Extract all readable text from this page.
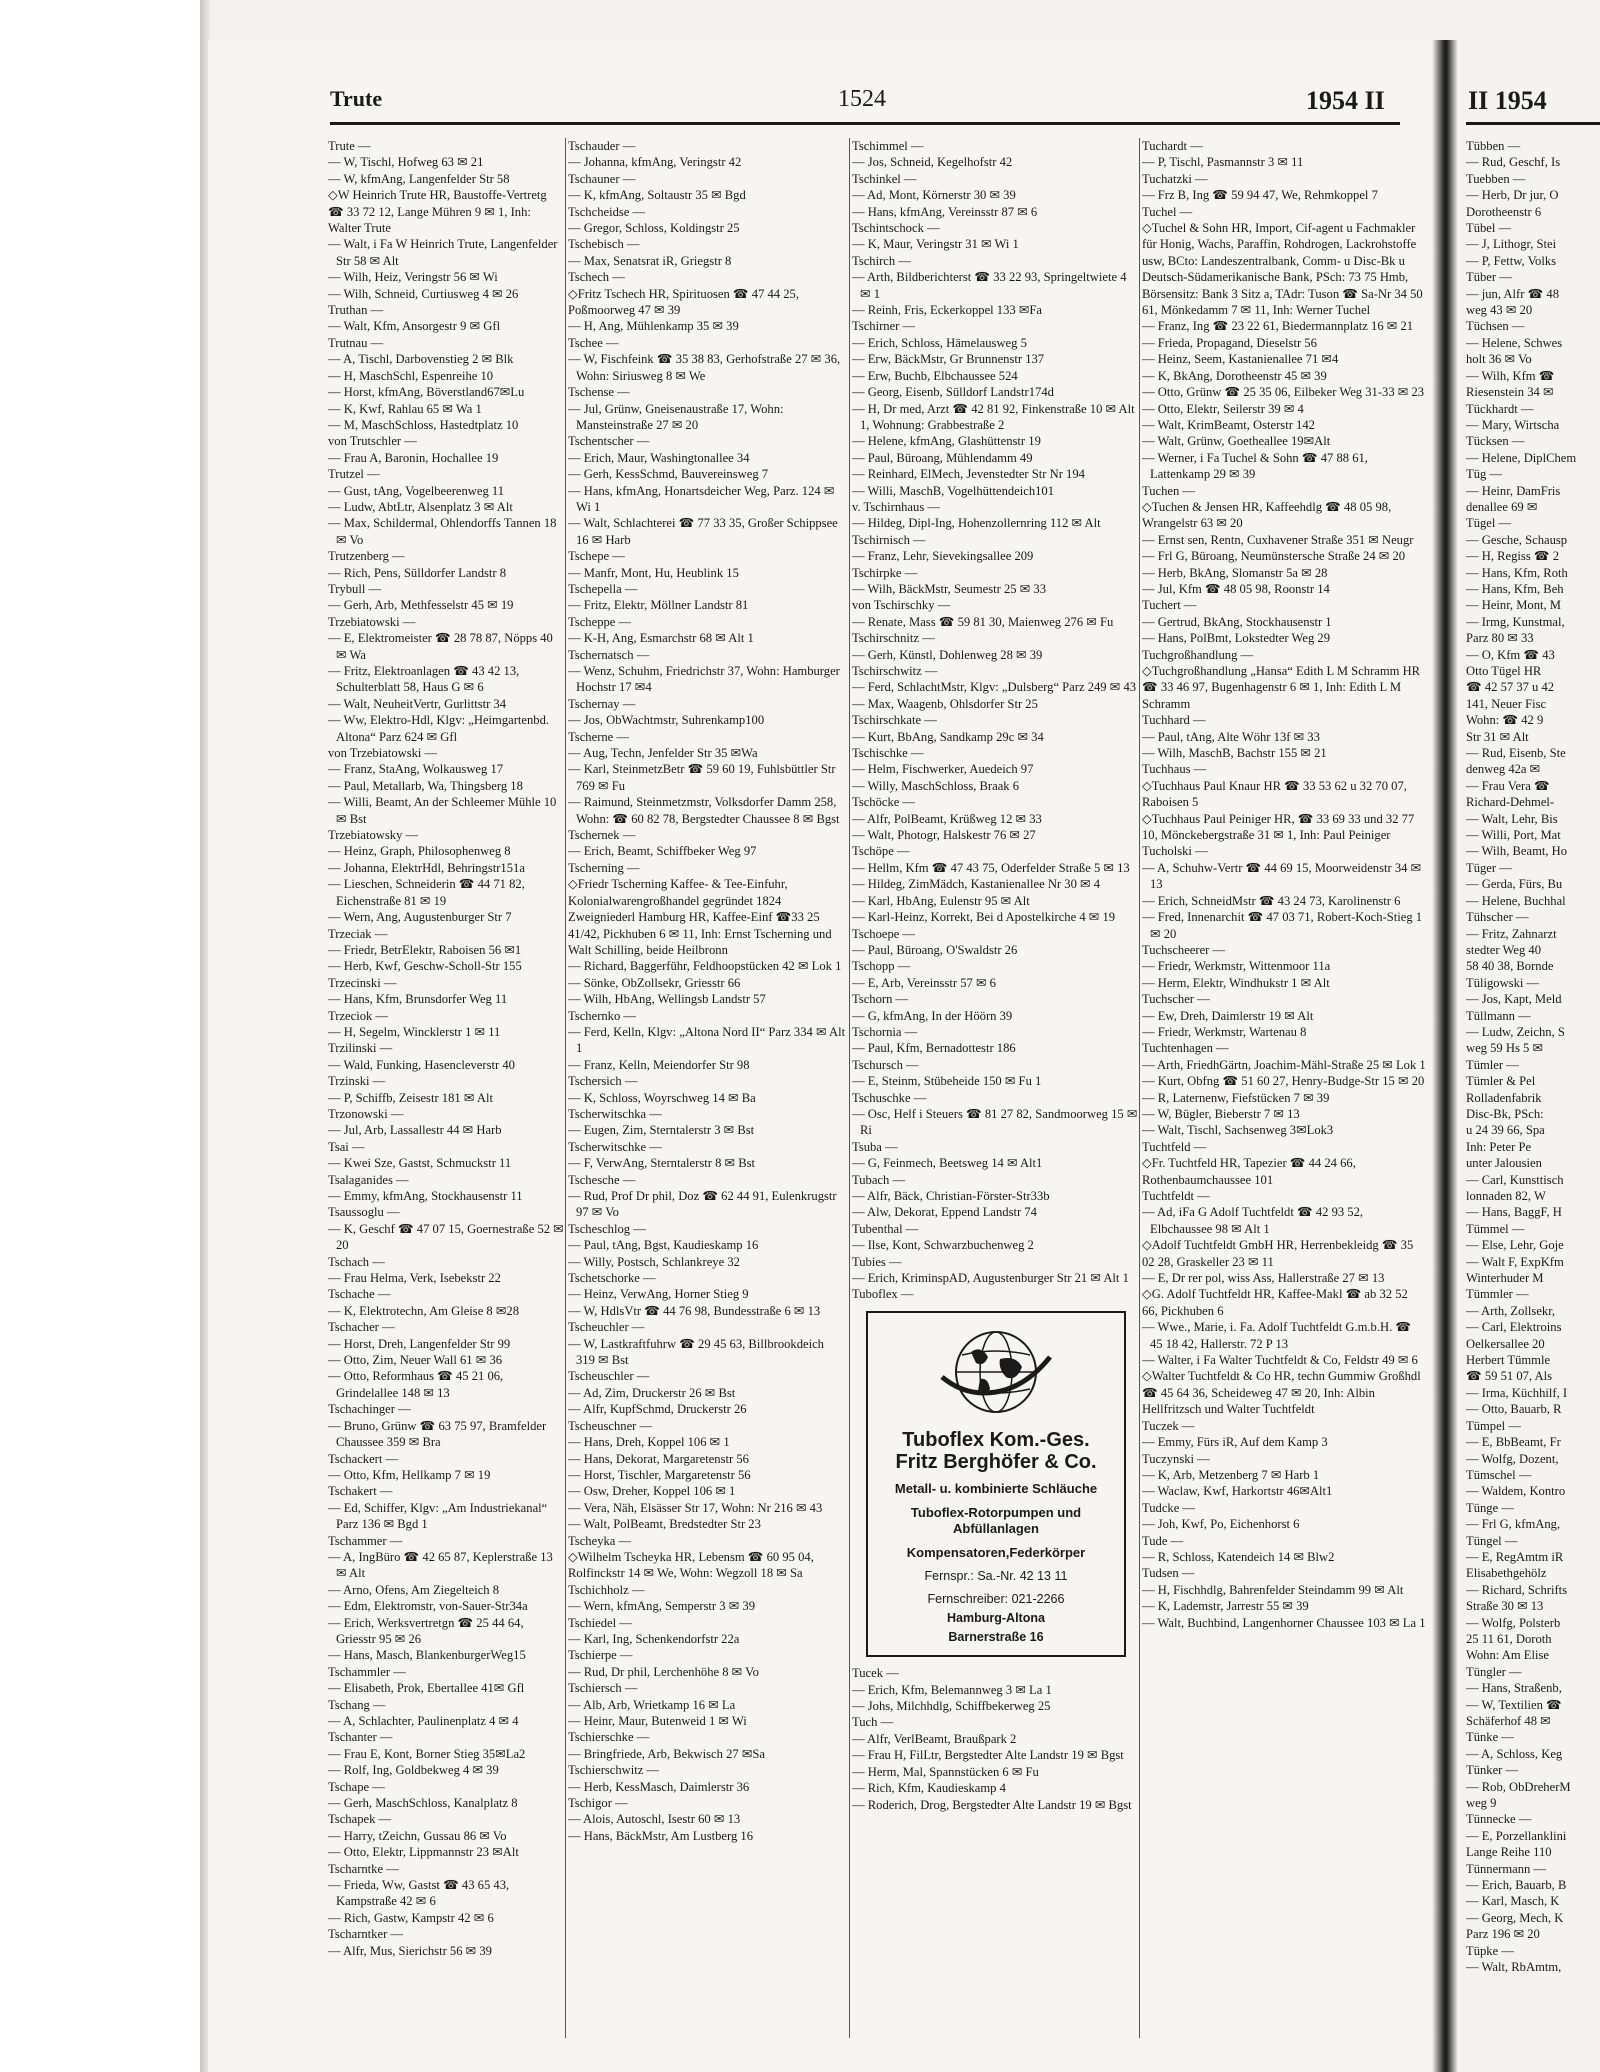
Trute	1524	1954 II	II 1954

Trute —

— W, Tischl, Hofweg 63 ✉ 21

— W, kfmAng, Langenfelder Str 58

◇ W Heinrich Trute HR, Baustoffe-Vertretg ☎ 33 72 12, Lange Mühren 9 ✉ 1, Inh: Walter Trute

— Walt, i Fa W Heinrich Trute, Langenfelder Str 58 ✉ Alt

— Wilh, Heiz, Veringstr 56 ✉ Wi

— Wilh, Schneid, Curtiusweg 4 ✉ 26

Truthan —

— Walt, Kfm, Ansorgestr 9 ✉ Gfl

Trutnau —

— A, Tischl, Darbovenstieg 2 ✉ Blk

— H, MaschSchl, Espenreihe 10

— Horst, kfmAng, Böverstland67✉Lu

— K, Kwf, Rahlau 65 ✉ Wa 1

— M, MaschSchloss, Hastedtplatz 10

von Trutschler —

— Frau A, Baronin, Hochallee 19

Trutzel —

— Gust, tAng, Vogelbeerenweg 11

— Ludw, AbtLtr, Alsenplatz 3 ✉ Alt

— Max, Schildermal, Ohlendorffs Tannen 18 ✉ Vo

Trutzenberg —

— Rich, Pens, Sülldorfer Landstr 8

Trybull —

— Gerh, Arb, Methfesselstr 45 ✉ 19

Trzebiatowski —

— E, Elektromeister ☎ 28 78 87, Nöpps 40 ✉ Wa

— Fritz, Elektroanlagen ☎ 43 42 13, Schulterblatt 58, Haus G ✉ 6

— Walt, NeuheitVertr, Gurlittstr 34

— Ww, Elektro-Hdl, Klgv: „Heimgartenbd. Altona“ Parz 624 ✉ Gfl

von Trzebiatowski —

— Franz, StaAng, Wolkausweg 17

— Paul, Metallarb, Wa, Thingsberg 18

— Willi, Beamt, An der Schleemer Mühle 10 ✉ Bst

Trzebiatowsky —

— Heinz, Graph, Philosophenweg 8

— Johanna, ElektrHdl, Behringstr151a

— Lieschen, Schneiderin ☎ 44 71 82, Eichenstraße 81 ✉ 19

— Wern, Ang, Augustenburger Str 7

Trzeciak —

— Friedr, BetrElektr, Raboisen 56 ✉1

— Herb, Kwf, Geschw-Scholl-Str 155

Trzecinski —

— Hans, Kfm, Brunsdorfer Weg 11

Trzeciok —

— H, Segelm, Wincklerstr 1 ✉ 11

Trzilinski —

— Wald, Funking, Hasencleverstr 40

Trzinski —

— P, Schiffb, Zeisestr 181 ✉ Alt

Trzonowski —

— Jul, Arb, Lassallestr 44 ✉ Harb

Tsai —

— Kwei Sze, Gastst, Schmuckstr 11

Tsalaganides —

— Emmy, kfmAng, Stockhausenstr 11

Tsaussoglu —

— K, Geschf ☎ 47 07 15, Goernestraße 52 ✉ 20

Tschach —

— Frau Helma, Verk, Isebekstr 22

Tschache —

— K, Elektrotechn, Am Gleise 8 ✉28

Tschacher —

— Horst, Dreh, Langenfelder Str 99

— Otto, Zim, Neuer Wall 61 ✉ 36

— Otto, Reformhaus ☎ 45 21 06, Grindelallee 148 ✉ 13

Tschachinger —

— Bruno, Grünw ☎ 63 75 97, Bramfelder Chaussee 359 ✉ Bra

Tschackert —

— Otto, Kfm, Hellkamp 7 ✉ 19

Tschakert —

— Ed, Schiffer, Klgv: „Am Industriekanal“ Parz 136 ✉ Bgd 1

Tschammer —

— A, IngBüro ☎ 42 65 87, Keplerstraße 13 ✉ Alt

— Arno, Ofens, Am Ziegelteich 8

— Edm, Elektromstr, von-Sauer-Str34a

— Erich, Werksvertretgn ☎ 25 44 64, Griesstr 95 ✉ 26

— Hans, Masch, BlankenburgerWeg15

Tschammler —

— Elisabeth, Prok, Ebertallee 41✉ Gfl

Tschang —

— A, Schlachter, Paulinenplatz 4 ✉ 4

Tschanter —

— Frau E, Kont, Borner Stieg 35✉La2

— Rolf, Ing, Goldbekweg 4 ✉ 39

Tschape —

— Gerh, MaschSchloss, Kanalplatz 8

Tschapek —

— Harry, tZeichn, Gussau 86 ✉ Vo

— Otto, Elektr, Lippmannstr 23 ✉Alt

Tscharntke —

— Frieda, Ww, Gastst ☎ 43 65 43, Kampstraße 42 ✉ 6

— Rich, Gastw, Kampstr 42 ✉ 6

Tscharntker —

— Alfr, Mus, Sierichstr 56 ✉ 39

Tschauder —

— Johanna, kfmAng, Veringstr 42

Tschauner —

— K, kfmAng, Soltaustr 35 ✉ Bgd

Tschcheidse —

— Gregor, Schloss, Koldingstr 25

Tschebisch —

— Max, Senatsrat iR, Griegstr 8

Tschech —

◇ Fritz Tschech HR, Spirituosen ☎ 47 44 25, Poßmoorweg 47 ✉ 39

— H, Ang, Mühlenkamp 35 ✉ 39

Tschee —

— W, Fischfeink ☎ 35 38 83, Gerhofstraße 27 ✉ 36, Wohn: Siriusweg 8 ✉ We

Tschense —

— Jul, Grünw, Gneisenaustraße 17, Wohn: Mansteinstraße 27 ✉ 20

Tschentscher —

— Erich, Maur, Washingtonallee 34

— Gerh, KessSchmd, Bauvereinsweg 7

— Hans, kfmAng, Honartsdeicher Weg, Parz. 124 ✉ Wi 1

— Walt, Schlachterei ☎ 77 33 35, Großer Schippsee 16 ✉ Harb

Tschepe —

— Manfr, Mont, Hu, Heublink 15

Tschepella —

— Fritz, Elektr, Möllner Landstr 81

Tscheppe —

— K-H, Ang, Esmarchstr 68 ✉ Alt 1

Tschernatsch —

— Wenz, Schuhm, Friedrichstr 37, Wohn: Hamburger Hochstr 17 ✉4

Tschernay —

— Jos, ObWachtmstr, Suhrenkamp100

Tscherne —

— Aug, Techn, Jenfelder Str 35 ✉Wa

— Karl, SteinmetzBetr ☎ 59 60 19, Fuhlsbüttler Str 769 ✉ Fu

— Raimund, Steinmetzmstr, Volksdorfer Damm 258, Wohn: ☎ 60 82 78, Bergstedter Chaussee 8 ✉ Bgst

Tschernek —

— Erich, Beamt, Schiffbeker Weg 97

Tscherning —

◇ Friedr Tscherning Kaffee- & Tee-Einfuhr, Kolonialwarengroßhandel gegründet 1824 Zweigniederl Hamburg HR, Kaffee-Einf ☎33 25 41/42, Pickhuben 6 ✉ 11, Inh: Ernst Tscherning und Walt Schilling, beide Heilbronn

— Richard, Baggerführ, Feldhoopstücken 42 ✉ Lok 1

— Sönke, ObZollsekr, Griesstr 66

— Wilh, HbAng, Wellingsb Landstr 57

Tschernko —

— Ferd, Kelln, Klgv: „Altona Nord II“ Parz 334 ✉ Alt 1

— Franz, Kelln, Meiendorfer Str 98

Tschersich —

— K, Schloss, Woyrschweg 14 ✉ Ba

Tscherwitschka —

— Eugen, Zim, Sterntalerstr 3 ✉ Bst

Tscherwitschke —

— F, VerwAng, Sterntalerstr 8 ✉ Bst

Tschesche —

— Rud, Prof Dr phil, Doz ☎ 62 44 91, Eulenkrugstr 97 ✉ Vo

Tscheschlog —

— Paul, tAng, Bgst, Kaudieskamp 16

— Willy, Postsch, Schlankreye 32

Tschetschorke —

— Heinz, VerwAng, Horner Stieg 9

— W, HdlsVtr ☎ 44 76 98, Bundesstraße 6 ✉ 13

Tscheuchler —

— W, Lastkraftfuhrw ☎ 29 45 63, Billbrookdeich 319 ✉ Bst

Tscheuschler —

— Ad, Zim, Druckerstr 26 ✉ Bst

— Alfr, KupfSchmd, Druckerstr 26

Tscheuschner —

— Hans, Dreh, Koppel 106 ✉ 1

— Hans, Dekorat, Margaretenstr 56

— Horst, Tischler, Margaretenstr 56

— Osw, Dreher, Koppel 106 ✉ 1

— Vera, Näh, Elsässer Str 17, Wohn: Nr 216 ✉ 43

— Walt, PolBeamt, Bredstedter Str 23

Tscheyka —

◇ Wilhelm Tscheyka HR, Lebensm ☎ 60 95 04, Rolfinckstr 14 ✉ We, Wohn: Wegzoll 18 ✉ Sa

Tschichholz —

— Wern, kfmAng, Semperstr 3 ✉ 39

Tschiedel —

— Karl, Ing, Schenkendorfstr 22a

Tschierpe —

— Rud, Dr phil, Lerchenhöhe 8 ✉ Vo

Tschiersch —

— Alb, Arb, Wrietkamp 16 ✉ La

— Heinr, Maur, Butenweid 1 ✉ Wi

Tschierschke —

— Bringfriede, Arb, Bekwisch 27 ✉Sa

Tschierschwitz —

— Herb, KessMasch, Daimlerstr 36

Tschigor —

— Alois, Autoschl, Isestr 60 ✉ 13

— Hans, BäckMstr, Am Lustberg 16

Tschimmel —

— Jos, Schneid, Kegelhofstr 42

Tschinkel —

— Ad, Mont, Körnerstr 30 ✉ 39

— Hans, kfmAng, Vereinsstr 87 ✉ 6

Tschintschock —

— K, Maur, Veringstr 31 ✉ Wi 1

Tschirch —

— Arth, Bildberichterst ☎ 33 22 93, Springeltwiete 4 ✉ 1

— Reinh, Fris, Eckerkoppel 133 ✉Fa

Tschirner —

— Erich, Schloss, Hämelausweg 5

— Erw, BäckMstr, Gr Brunnenstr 137

— Erw, Buchb, Elbchaussee 524

— Georg, Eisenb, Sülldorf Landstr174d

— H, Dr med, Arzt ☎ 42 81 92, Finkenstraße 10 ✉ Alt 1, Wohnung: Grabbestraße 2

— Helene, kfmAng, Glashüttenstr 19

— Paul, Büroang, Mühlendamm 49

— Reinhard, ElMech, Jevenstedter Str Nr 194

— Willi, MaschB, Vogelhüttendeich101

v. Tschirnhaus —

— Hildeg, Dipl-Ing, Hohenzollernring 112 ✉ Alt

Tschirnisch —

— Franz, Lehr, Sievekingsallee 209

Tschirpke —

— Wilh, BäckMstr, Seumestr 25 ✉ 33

von Tschirschky —

— Renate, Mass ☎ 59 81 30, Maienweg 276 ✉ Fu

Tschirschnitz —

— Gerh, Künstl, Dohlenweg 28 ✉ 39

Tschirschwitz —

— Ferd, SchlachtMstr, Klgv: „Dulsberg“ Parz 249 ✉ 43

— Max, Waagenb, Ohlsdorfer Str 25

Tschirschkate —

— Kurt, BbAng, Sandkamp 29c ✉ 34

Tschischke —

— Helm, Fischwerker, Auedeich 97

— Willy, MaschSchloss, Braak 6

Tschöcke —

— Alfr, PolBeamt, Krüßweg 12 ✉ 33

— Walt, Photogr, Halskestr 76 ✉ 27

Tschöpe —

— Hellm, Kfm ☎ 47 43 75, Oderfelder Straße 5 ✉ 13

— Hildeg, ZimMädch, Kastanienallee Nr 30 ✉ 4

— Karl, HbAng, Eulenstr 95 ✉ Alt

— Karl-Heinz, Korrekt, Bei d Apostelkirche 4 ✉ 19

Tschoepe —

— Paul, Büroang, O'Swaldstr 26

Tschopp —

— E, Arb, Vereinsstr 57 ✉ 6

Tschorn —

— G, kfmAng, In der Höörn 39

Tschornia —

— Paul, Kfm, Bernadottestr 186

Tschursch —

— E, Steinm, Stübeheide 150 ✉ Fu 1

Tschuschke —

— Osc, Helf i Steuers ☎ 81 27 82, Sandmoorweg 15 ✉ Ri

Tsuba —

— G, Feinmech, Beetsweg 14 ✉ Alt1

Tubach —

— Alfr, Bäck, Christian-Förster-Str33b

— Alw, Dekorat, Eppend Landstr 74

Tubenthal —

— Ilse, Kont, Schwarzbuchenweg 2

Tubies —

— Erich, KriminspAD, Augustenburger Str 21 ✉ Alt 1

Tuboflex —

Tuboflex Kom.-Ges.
Fritz Berghöfer & Co.
Metall- u. kombinierte Schläuche
Tuboflex-Rotorpumpen und Abfüllanlagen
Kompensatoren,Federkörper
Fernspr.: Sa.-Nr. 42 13 11
Fernschreiber: 021-2266
Hamburg-Altona
Barnerstraße 16

Tucek —

— Erich, Kfm, Belemannweg 3 ✉ La 1

— Johs, Milchhdlg, Schiffbekerweg 25

Tuch —

— Alfr, VerlBeamt, Braußpark 2

— Frau H, FilLtr, Bergstedter Alte Landstr 19 ✉ Bgst

— Herm, Mal, Spannstücken 6 ✉ Fu

— Rich, Kfm, Kaudieskamp 4

— Roderich, Drog, Bergstedter Alte Landstr 19 ✉ Bgst

Tuchardt —

— P, Tischl, Pasmannstr 3 ✉ 11

Tuchatzki —

— Frz B, Ing ☎ 59 94 47, We, Rehmkoppel 7

Tuchel —

◇ Tuchel & Sohn HR, Import, Cif-agent u Fachmakler für Honig, Wachs, Paraffin, Rohdrogen, Lackrohstoffe usw, BCto: Landeszentralbank, Comm- u Disc-Bk u Deutsch-Südamerikanische Bank, PSch: 73 75 Hmb, Börsensitz: Bank 3 Sitz a, TAdr: Tuson ☎ Sa-Nr 34 50 61, Mönkedamm 7 ✉ 11, Inh: Werner Tuchel

— Franz, Ing ☎ 23 22 61, Biedermannplatz 16 ✉ 21

— Frieda, Propagand, Dieselstr 56

— Heinz, Seem, Kastanienallee 71 ✉4

— K, BkAng, Dorotheenstr 45 ✉ 39

— Otto, Grünw ☎ 25 35 06, Eilbeker Weg 31-33 ✉ 23

— Otto, Elektr, Seilerstr 39 ✉ 4

— Walt, KrimBeamt, Osterstr 142

— Walt, Grünw, Goetheallee 19✉Alt

— Werner, i Fa Tuchel & Sohn ☎ 47 88 61, Lattenkamp 29 ✉ 39

Tuchen —

◇ Tuchen & Jensen HR, Kaffeehdlg ☎ 48 05 98, Wrangelstr 63 ✉ 20

— Ernst sen, Rentn, Cuxhavener Straße 351 ✉ Neugr

— Frl G, Büroang, Neumünstersche Straße 24 ✉ 20

— Herb, BkAng, Slomanstr 5a ✉ 28

— Jul, Kfm ☎ 48 05 98, Roonstr 14

Tuchert —

— Gertrud, BkAng, Stockhausenstr 1

— Hans, PolBmt, Lokstedter Weg 29

Tuchgroßhandlung —

◇ Tuchgroßhandlung „Hansa“ Edith L M Schramm HR ☎ 33 46 97, Bugenhagenstr 6 ✉ 1, Inh: Edith L M Schramm

Tuchhard —

— Paul, tAng, Alte Wöhr 13f ✉ 33

— Wilh, MaschB, Bachstr 155 ✉ 21

Tuchhaus —

◇ Tuchhaus Paul Knaur HR ☎ 33 53 62 u 32 70 07, Raboisen 5

◇ Tuchhaus Paul Peiniger HR, ☎ 33 69 33 und 32 77 10, Mönckebergstraße 31 ✉ 1, Inh: Paul Peiniger

Tucholski —

— A, Schuhw-Vertr ☎ 44 69 15, Moorweidenstr 34 ✉ 13

— Erich, SchneidMstr ☎ 43 24 73, Karolinenstr 6

— Fred, Innenarchit ☎ 47 03 71, Robert-Koch-Stieg 1 ✉ 20

Tuchscheerer —

— Friedr, Werkmstr, Wittenmoor 11a

— Herm, Elektr, Windhukstr 1 ✉ Alt

Tuchscher —

— Ew, Dreh, Daimlerstr 19 ✉ Alt

— Friedr, Werkmstr, Wartenau 8

Tuchtenhagen —

— Arth, FriedhGärtn, Joachim-Mähl-Straße 25 ✉ Lok 1

— Kurt, Obfng ☎ 51 60 27, Henry-Budge-Str 15 ✉ 20

— R, Laternenw, Fiefstücken 7 ✉ 39

— W, Bügler, Bieberstr 7 ✉ 13

— Walt, Tischl, Sachsenweg 3✉Lok3

Tuchtfeld —

◇ Fr. Tuchtfeld HR, Tapezier ☎ 44 24 66, Rothenbaumchaussee 101

Tuchtfeldt —

— Ad, iFa G Adolf Tuchtfeldt ☎ 42 93 52, Elbchaussee 98 ✉ Alt 1

◇ Adolf Tuchtfeldt GmbH HR, Herrenbekleidg ☎ 35 02 28, Graskeller 23 ✉ 11

— E, Dr rer pol, wiss Ass, Hallerstraße 27 ✉ 13

◇ G. Adolf Tuchtfeldt HR, Kaffee-Makl ☎ ab 32 52 66, Pickhuben 6

— Wwe., Marie, i. Fa. Adolf Tuchtfeldt G.m.b.H. ☎ 45 18 42, Hallerstr. 72 P 13

— Walter, i Fa Walter Tuchtfeldt & Co, Feldstr 49 ✉ 6

◇ Walter Tuchtfeldt & Co HR, techn Gummiw Großhdl ☎ 45 64 36, Scheideweg 47 ✉ 20, Inh: Albin Hellfritzsch und Walter Tuchtfeldt

Tuczek —

— Emmy, Fürs iR, Auf dem Kamp 3

Tuczynski —

— K, Arb, Metzenberg 7 ✉ Harb 1

— Waclaw, Kwf, Harkortstr 46✉Alt1

Tudcke —

— Joh, Kwf, Po, Eichenhorst 6

Tude —

— R, Schloss, Katendeich 14 ✉ Blw2

Tudsen —

— H, Fischhdlg, Bahrenfelder Steindamm 99 ✉ Alt

— K, Lademstr, Jarrestr 55 ✉ 39

— Walt, Buchbind, Langenhorner Chaussee 103 ✉ La 1

Tübben —

— Rud, Geschf, Is

Tuebben —

— Herb, Dr jur, O

Dorotheenstr 6

Tübel —

— J, Lithogr, Stei

— P, Fettw, Volks

Tüber —

— jun, Alfr ☎ 48

weg 43 ✉ 20

Tüchsen —

— Helene, Schwes

holt 36 ✉ Vo

— Wilh, Kfm ☎

Riesenstein 34 ✉

Tückhardt —

— Mary, Wirtscha

Tücksen —

— Helene, DiplChem

Tüg —

— Heinr, DamFris

denallee 69 ✉

Tügel —

— Gesche, Schausp

— H, Regiss ☎ 2

— Hans, Kfm, Roth

— Hans, Kfm, Beh

— Heinr, Mont, M

— Irmg, Kunstmal,

Parz 80 ✉ 33

— O, Kfm ☎ 43

Otto Tügel HR

☎ 42 57 37 u 42

141, Neuer Fisc

Wohn: ☎ 42 9

Str 31 ✉ Alt

— Rud, Eisenb, Ste

denweg 42a ✉

— Frau Vera ☎

Richard-Dehmel-

— Walt, Lehr, Bis

— Willi, Port, Mat

— Wilh, Beamt, Ho

Tüger —

— Gerda, Fürs, Bu

— Helene, Buchhal

Tühscher —

— Fritz, Zahnarzt

stedter Weg 40

58 40 38, Bornde

Tüligowski —

— Jos, Kapt, Meld

Tüllmann —

— Ludw, Zeichn, S

weg 59 Hs 5 ✉

Tümler —

Tümler & Pel

Rolladenfabrik

Disc-Bk, PSch:

u 24 39 66, Spa

Inh: Peter Pe

unter Jalousien

— Carl, Kunsttisch

lonnaden 82, W

— Hans, BaggF, H

Tümmel —

— Else, Lehr, Goje

— Walt F, ExpKfm

Winterhuder M

Tümmler —

— Arth, Zollsekr,

— Carl, Elektroins

Oelkersallee 20

Herbert Tümmle

☎ 59 51 07, Als

— Irma, Küchhilf, I

— Otto, Bauarb, R

Tümpel —

— E, BbBeamt, Fr

— Wolfg, Dozent,

Tümschel —

— Waldem, Kontro

Tünge —

— Frl G, kfmAng,

Tüngel —

— E, RegAmtm iR

Elisabethgehölz

— Richard, Schrifts

Straße 30 ✉ 13

— Wolfg, Polsterb

25 11 61, Doroth

Wohn: Am Elise

Tüngler —

— Hans, Straßenb,

— W, Textilien ☎

Schäferhof 48 ✉

Tünke —

— A, Schloss, Keg

Tünker —

— Rob, ObDreherM

weg 9

Tünnecke —

— E, Porzellanklini

Lange Reihe 110

Tünnermann —

— Erich, Bauarb, B

— Karl, Masch, K

— Georg, Mech, K

Parz 196 ✉ 20

Tüpke —

— Walt, RbAmtm,
